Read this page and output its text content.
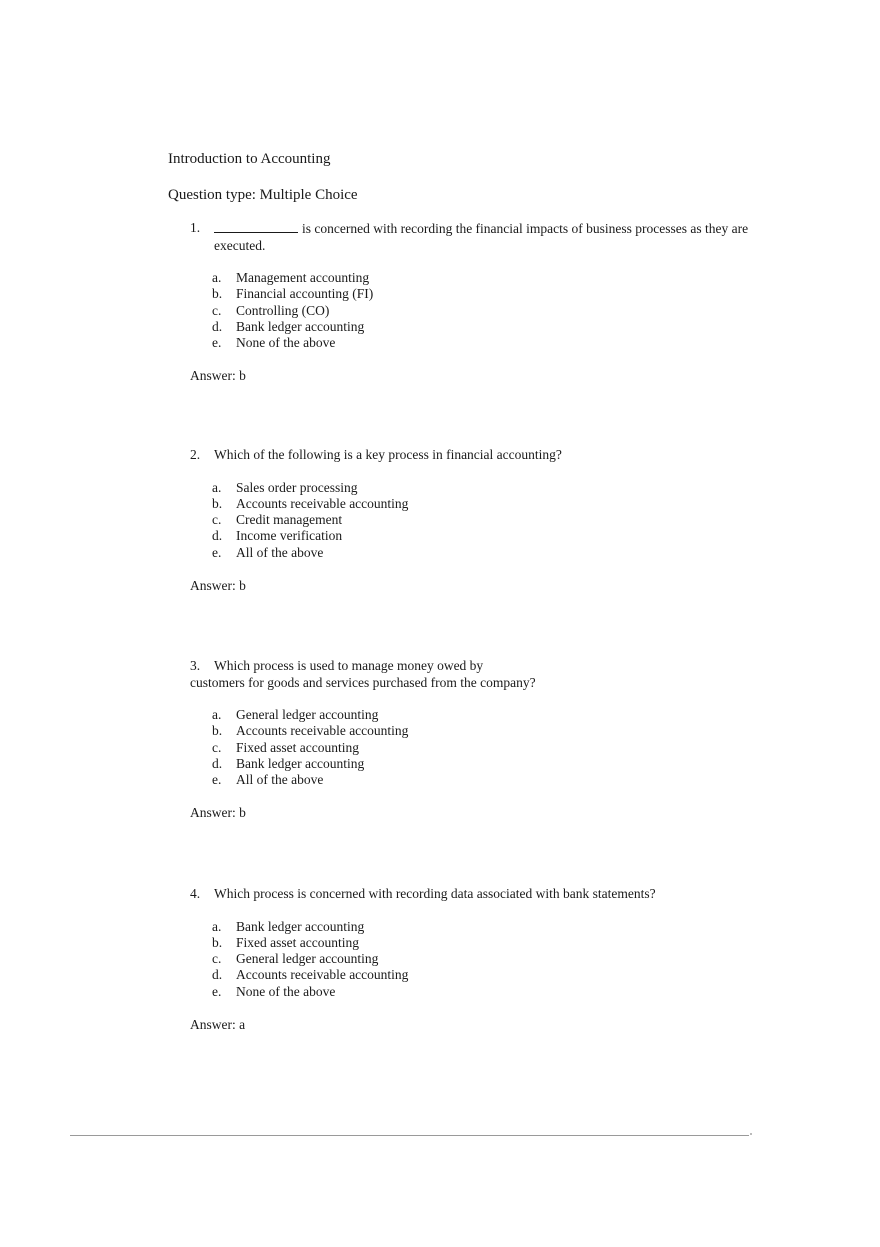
Introduction to Accounting

Question type: Multiple Choice

1.	is concerned with recording the financial impacts of business processes as they are executed.
a.	Management accounting
b.	Financial accounting (FI)
c.	Controlling (CO)
d.	Bank ledger accounting
e.	None of the above
Answer: b
2.	Which of the following is a key process in financial accounting?
a.	Sales order processing
b.	Accounts receivable accounting
c.	Credit management
d.	Income verification
e.	All of the above
Answer: b
3.	Which process is used to manage money owed by
customers for goods and services purchased from the company?
a.	General ledger accounting
b.	Accounts receivable accounting
c.	Fixed asset accounting
d.	Bank ledger accounting
e.	All of the above
Answer: b
4.	Which process is concerned with recording data associated with bank statements?
a.	Bank ledger accounting
b.	Fixed asset accounting
c.	General ledger accounting
d.	Accounts receivable accounting
e.	None of the above
Answer: a
